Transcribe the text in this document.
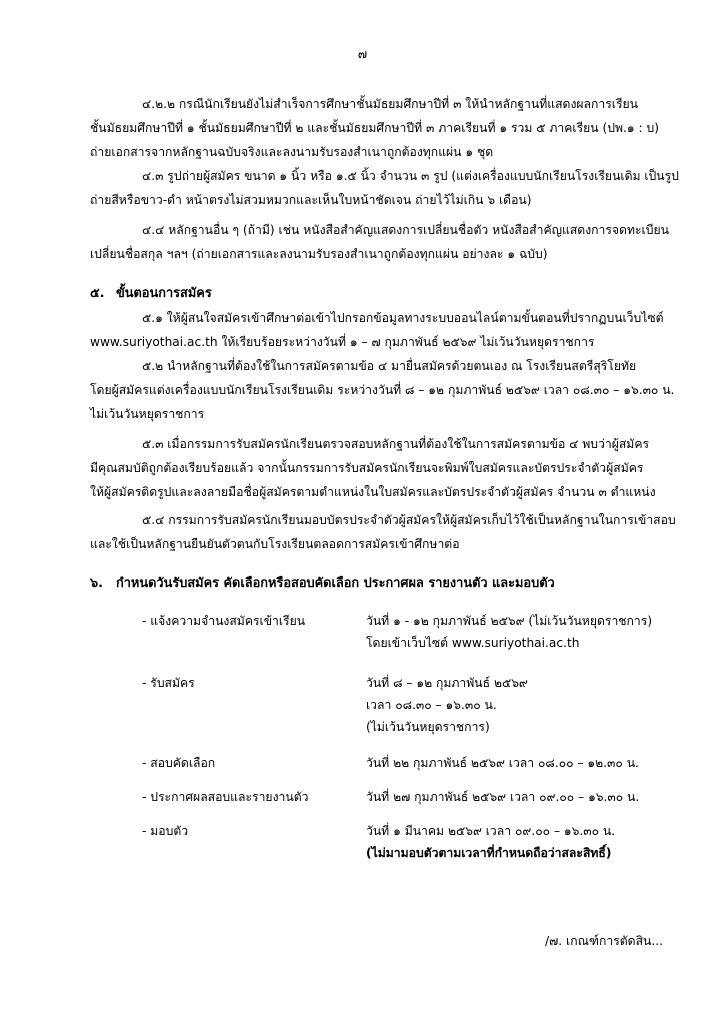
๗
๔.๒.๒ กรณีนักเรียนยังไม่สำเร็จการศึกษาชั้นมัธยมศึกษาปีที่ ๓ ให้นำหลักฐานที่แสดงผลการเรียน
ชั้นมัธยมศึกษาปีที่ ๑ ชั้นมัธยมศึกษาปีที่ ๒ และชั้นมัธยมศึกษาปีที่ ๓ ภาคเรียนที่ ๑ รวม ๕ ภาคเรียน (ปพ.๑ : บ)
ถ่ายเอกสารจากหลักฐานฉบับจริงและลงนามรับรองสำเนาถูกต้องทุกแผ่น ๑ ชุด
๔.๓ รูปถ่ายผู้สมัคร ขนาด ๑ นิ้ว หรือ ๑.๕ นิ้ว จำนวน ๓ รูป (แต่งเครื่องแบบนักเรียนโรงเรียนเดิม เป็นรูป
ถ่ายสีหรือขาว-ดำ หน้าตรงไม่สวมหมวกและเห็นใบหน้าชัดเจน ถ่ายไว้ไม่เกิน ๖ เดือน)
๔.๔ หลักฐานอื่น ๆ (ถ้ามี) เช่น หนังสือสำคัญแสดงการเปลี่ยนชื่อตัว หนังสือสำคัญแสดงการจดทะเบียน
เปลี่ยนชื่อสกุล ฯลฯ (ถ่ายเอกสารและลงนามรับรองสำเนาถูกต้องทุกแผ่น อย่างละ ๑ ฉบับ)
๕. ขั้นตอนการสมัคร
๕.๑ ให้ผู้สนใจสมัครเข้าศึกษาต่อเข้าไปกรอกข้อมูลทางระบบออนไลน์ตามขั้นตอนที่ปรากฏบนเว็บไซต์
www.suriyothai.ac.th ให้เรียบร้อยระหว่างวันที่ ๑ – ๗ กุมภาพันธ์ ๒๕๖๙ ไม่เว้นวันหยุดราชการ
๕.๒ นำหลักฐานที่ต้องใช้ในการสมัครตามข้อ ๔ มายื่นสมัครด้วยตนเอง ณ โรงเรียนสตรีสุริโยทัย
โดยผู้สมัครแต่งเครื่องแบบนักเรียนโรงเรียนเดิม ระหว่างวันที่ ๘ – ๑๒ กุมภาพันธ์ ๒๕๖๙ เวลา ๐๘.๓๐ – ๑๖.๓๐ น.
ไม่เว้นวันหยุดราชการ
๕.๓ เมื่อกรรมการรับสมัครนักเรียนตรวจสอบหลักฐานที่ต้องใช้ในการสมัครตามข้อ ๔ พบว่าผู้สมัคร
มีคุณสมบัติถูกต้องเรียบร้อยแล้ว จากนั้นกรรมการรับสมัครนักเรียนจะพิมพ์ใบสมัครและบัตรประจำตัวผู้สมัคร
ให้ผู้สมัครติดรูปและลงลายมือชื่อผู้สมัครตามตำแหน่งในใบสมัครและบัตรประจำตัวผู้สมัคร จำนวน ๓ ตำแหน่ง
๕.๔ กรรมการรับสมัครนักเรียนมอบบัตรประจำตัวผู้สมัครให้ผู้สมัครเก็บไว้ใช้เป็นหลักฐานในการเข้าสอบ
และใช้เป็นหลักฐานยืนยันตัวตนกับโรงเรียนตลอดการสมัครเข้าศึกษาต่อ
๖. กำหนดวันรับสมัคร คัดเลือกหรือสอบคัดเลือก ประกาศผล รายงานตัว และมอบตัว
- แจ้งความจำนงสมัครเข้าเรียน	วันที่ ๑ - ๑๒ กุมภาพันธ์ ๒๕๖๙ (ไม่เว้นวันหยุดราชการ)
โดยเข้าเว็บไซต์ www.suriyothai.ac.th
- รับสมัคร	วันที่ ๘ – ๑๒ กุมภาพันธ์ ๒๕๖๙
เวลา ๐๘.๓๐ – ๑๖.๓๐ น.
(ไม่เว้นวันหยุดราชการ)
- สอบคัดเลือก	วันที่ ๒๒ กุมภาพันธ์ ๒๕๖๙ เวลา ๐๘.๐๐ – ๑๒.๓๐ น.
- ประกาศผลสอบและรายงานตัว	วันที่ ๒๗ กุมภาพันธ์ ๒๕๖๙ เวลา ๐๙.๐๐ – ๑๖.๓๐ น.
- มอบตัว	วันที่ ๑ มีนาคม ๒๕๖๙ เวลา ๐๙.๐๐ – ๑๖.๓๐ น.
(ไม่มามอบตัวตามเวลาที่กำหนดถือว่าสละสิทธิ์)
/๗. เกณฑ์การตัดสิน...
